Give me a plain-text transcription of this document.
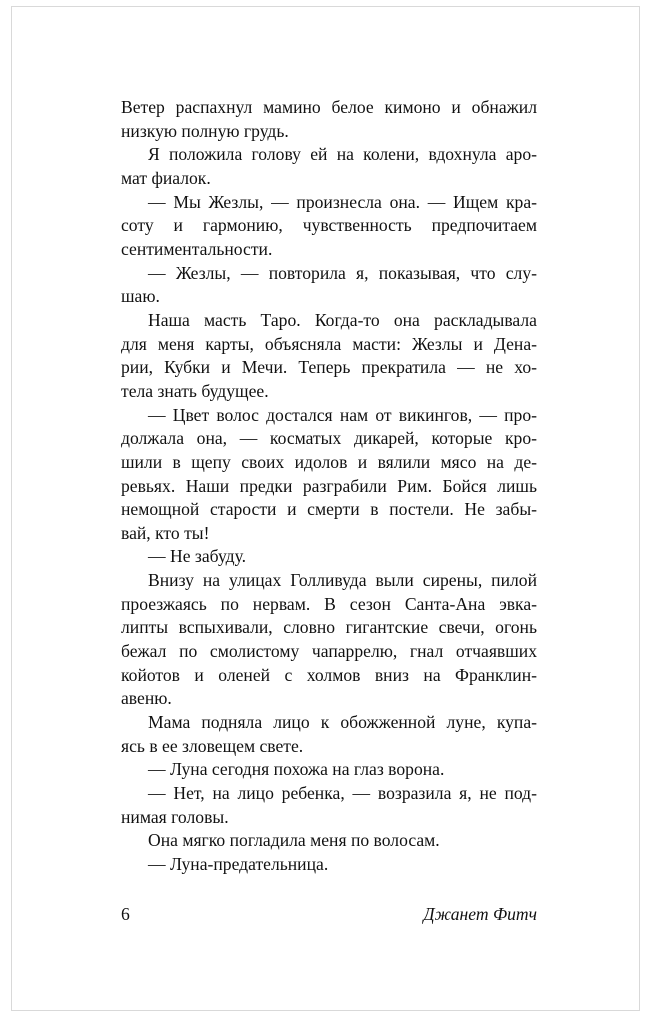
Ветер распахнул мамино белое кимоно и обнажил

низкую полную грудь.

Я положила голову ей на колени, вдохнула аро-

мат фиалок.

— Мы Жезлы, — произнесла она. — Ищем кра-

соту и гармонию, чувственность предпочитаем

сентиментальности.

— Жезлы, — повторила я, показывая, что слу-

шаю.

Наша масть Таро. Когда-то она раскладывала

для меня карты, объясняла масти: Жезлы и Дена-

рии, Кубки и Мечи. Теперь прекратила — не хо-

тела знать будущее.

— Цвет волос достался нам от викингов, — про-

должала она, — косматых дикарей, которые кро-

шили в щепу своих идолов и вялили мясо на де-

ревьях. Наши предки разграбили Рим. Бойся лишь

немощной старости и смерти в постели. Не забы-

вай, кто ты!

— Не забуду.

Внизу на улицах Голливуда выли сирены, пилой

проезжаясь по нервам. В сезон Санта-Ана эвка-

липты вспыхивали, словно гигантские свечи, огонь

бежал по смолистому чапаррелю, гнал отчаявших

койотов и оленей с холмов вниз на Франклин-

авеню.

Мама подняла лицо к обожженной луне, купа-

ясь в ее зловещем свете.

— Луна сегодня похожа на глаз ворона.

— Нет, на лицо ребенка, — возразила я, не под-

нимая головы.

Она мягко погладила меня по волосам.

— Луна-предательница.

6	Джанет Фитч
